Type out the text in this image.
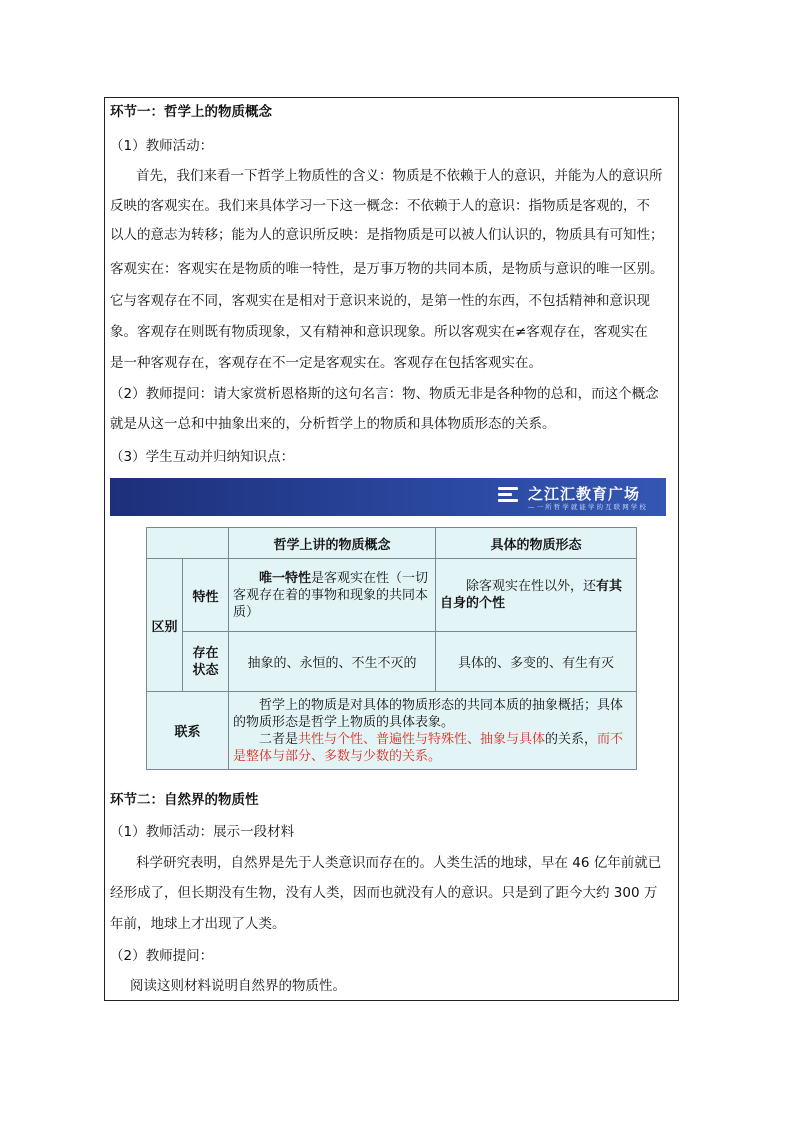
环节一：哲学上的物质概念
（1）教师活动：
首先，我们来看一下哲学上物质性的含义：物质是不依赖于人的意识，并能为人的意识所
反映的客观实在。我们来具体学习一下这一概念：不依赖于人的意识：指物质是客观的，不
以人的意志为转移；能为人的意识所反映：是指物质是可以被人们认识的，物质具有可知性；
客观实在：客观实在是物质的唯一特性，是万事万物的共同本质，是物质与意识的唯一区别。
它与客观存在不同，客观实在是相对于意识来说的，是第一性的东西，不包括精神和意识现
象。客观存在则既有物质现象，又有精神和意识现象。所以客观实在≠客观存在，客观实在
是一种客观存在，客观存在不一定是客观实在。客观存在包括客观实在。
（2）教师提问：请大家赏析恩格斯的这句名言：物、物质无非是各种物的总和，而这个概念
就是从这一总和中抽象出来的，分析哲学上的物质和具体物质形态的关系。
（3）学生互动并归纳知识点：
之江汇教育广场
— 一 所 哲 学 就 能 学 的 互 联 网 学 校
		哲学上讲的物质概念	具体的物质形态
区别	特性	唯一特性是客观实在性（一切客观存在着的事物和现象的共同本质）	除客观实在性以外，还有其自身的个性

	存在状态	抽象的、永恒的、不生不灭的	具体的、多变的、有生有灭
联系		哲学上的物质是对具体的物质形态的共同本质的抽象概括；具体的物质形态是哲学上物质的具体表象。
二者是共性与个性、普遍性与特殊性、抽象与具体的关系，而不是整体与部分、多数与少数的关系。	
环节二：自然界的物质性
（1）教师活动：展示一段材料
科学研究表明，自然界是先于人类意识而存在的。人类生活的地球，早在 46 亿年前就已
经形成了，但长期没有生物，没有人类，因而也就没有人的意识。只是到了距今大约 300 万
年前，地球上才出现了人类。
（2）教师提问：
阅读这则材料说明自然界的物质性。
